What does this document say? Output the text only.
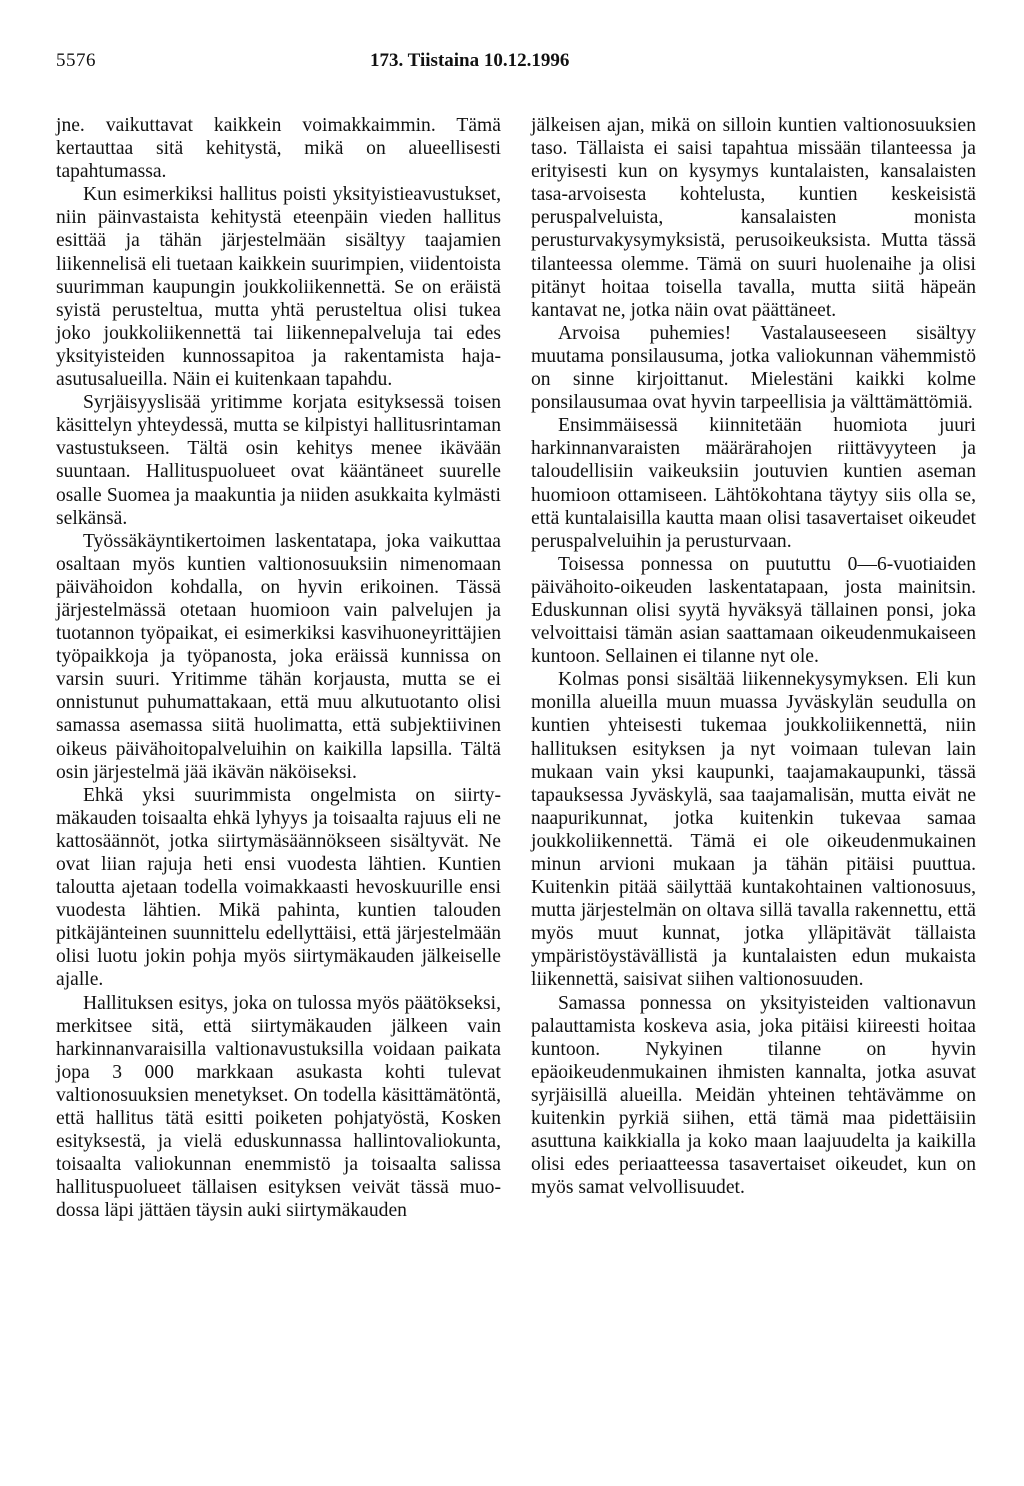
5576	173. Tiistaina 10.12.1996

jne. vaikuttavat kaikkein voimakkaimmin. Tämä kertauttaa sitä kehitystä, mikä on alueellisesti tapahtumassa.

Kun esimerkiksi hallitus poisti yksityistieavustukset, niin päinvastaista kehitystä eteenpäin vieden hallitus esittää ja tähän järjestelmään sisältyy taajamien liikennelisä eli tuetaan kaikkein suurimpien, viidentoista suurimman kaupungin joukkoliikennettä. Se on eräistä syistä perusteltua, mutta yhtä perusteltua olisi tukea joko joukkoliikennettä tai liikennepalveluja tai edes yksityisteiden kunnossapitoa ja rakentamista haja-asutusalueilla. Näin ei kuitenkaan tapahdu.

Syrjäisyyslisää yritimme korjata esityksessä toisen käsittelyn yhteydessä, mutta se kilpistyi hallitusrintaman vastustukseen. Tältä osin kehitys menee ikävään suuntaan. Hallituspuolueet ovat kääntäneet suurelle osalle Suomea ja maakuntia ja niiden asukkaita kylmästi selkänsä.

Työssäkäyntikertoimen laskentatapa, joka vaikuttaa osaltaan myös kuntien valtionosuuksiin nimenomaan päivähoidon kohdalla, on hyvin erikoinen. Tässä järjestelmässä otetaan huomioon vain palvelujen ja tuotannon työpaikat, ei esimerkiksi kasvihuoneyrittäjien työpaikkoja ja työpanosta, joka eräissä kunnissa on varsin suuri. Yritimme tähän korjausta, mutta se ei onnistunut puhumattakaan, että muu alkutuotanto olisi samassa asemassa siitä huolimatta, että subjektiivinen oikeus päivähoitopalveluihin on kaikilla lapsilla. Tältä osin järjestelmä jää ikävän näköiseksi.

Ehkä yksi suurimmista ongelmista on siirtymäkauden toisaalta ehkä lyhyys ja toisaalta rajuus eli ne kattosäännöt, jotka siirtymäsäännökseen sisältyvät. Ne ovat liian rajuja heti ensi vuodesta lähtien. Kuntien taloutta ajetaan todella voimakkaasti hevoskuurille ensi vuodesta lähtien. Mikä pahinta, kuntien talouden pitkäjänteinen suunnittelu edellyttäisi, että järjestelmään olisi luotu jokin pohja myös siirtymäkauden jälkeiselle ajalle.

Hallituksen esitys, joka on tulossa myös päätökseksi, merkitsee sitä, että siirtymäkauden jälkeen vain harkinnanvaraisilla valtionavustuksilla voidaan paikata jopa 3 000 markkaan asukasta kohti tulevat valtionosuuksien menetykset. On todella käsittämätöntä, että hallitus tätä esitti poiketen pohjatyöstä, Kosken esityksestä, ja vielä eduskunnassa hallintovaliokunta, toisaalta valiokunnan enemmistö ja toisaalta salissa hallituspuolueet tällaisen esityksen veivät tässä muodossa läpi jättäen täysin auki siirtymäkauden

jälkeisen ajan, mikä on silloin kuntien valtionosuuksien taso. Tällaista ei saisi tapahtua missään tilanteessa ja erityisesti kun on kysymys kuntalaisten, kansalaisten tasa-arvoisesta kohtelusta, kuntien keskeisistä peruspalveluista, kansalaisten monista perusturvakysymyksistä, perusoikeuksista. Mutta tässä tilanteessa olemme. Tämä on suuri huolenaihe ja olisi pitänyt hoitaa toisella tavalla, mutta siitä häpeän kantavat ne, jotka näin ovat päättäneet.

Arvoisa puhemies! Vastalauseeseen sisältyy muutama ponsilausuma, jotka valiokunnan vähemmistö on sinne kirjoittanut. Mielestäni kaikki kolme ponsilausumaa ovat hyvin tarpeellisia ja välttämättömiä.

Ensimmäisessä kiinnitetään huomiota juuri harkinnanvaraisten määrärahojen riittävyyteen ja taloudellisiin vaikeuksiin joutuvien kuntien aseman huomioon ottamiseen. Lähtökohtana täytyy siis olla se, että kuntalaisilla kautta maan olisi tasavertaiset oikeudet peruspalveluihin ja perusturvaan.

Toisessa ponnessa on puututtu 0—6-vuotiaiden päivähoito-oikeuden laskentatapaan, josta mainitsin. Eduskunnan olisi syytä hyväksyä tällainen ponsi, joka velvoittaisi tämän asian saattamaan oikeudenmukaiseen kuntoon. Sellainen ei tilanne nyt ole.

Kolmas ponsi sisältää liikennekysymyksen. Eli kun monilla alueilla muun muassa Jyväskylän seudulla on kuntien yhteisesti tukemaa joukkoliikennettä, niin hallituksen esityksen ja nyt voimaan tulevan lain mukaan vain yksi kaupunki, taajamakaupunki, tässä tapauksessa Jyväskylä, saa taajamalisän, mutta eivät ne naapurikunnat, jotka kuitenkin tukevaa samaa joukkoliikennettä. Tämä ei ole oikeudenmukainen minun arvioni mukaan ja tähän pitäisi puuttua. Kuitenkin pitää säilyttää kuntakohtainen valtionosuus, mutta järjestelmän on oltava sillä tavalla rakennettu, että myös muut kunnat, jotka ylläpitävät tällaista ympäristöystävällistä ja kuntalaisten edun mukaista liikennettä, saisivat siihen valtionosuuden.

Samassa ponnessa on yksityisteiden valtionavun palauttamista koskeva asia, joka pitäisi kiireesti hoitaa kuntoon. Nykyinen tilanne on hyvin epäoikeudenmukainen ihmisten kannalta, jotka asuvat syrjäisillä alueilla. Meidän yhteinen tehtävämme on kuitenkin pyrkiä siihen, että tämä maa pidettäisiin asuttuna kaikkialla ja koko maan laajuudelta ja kaikilla olisi edes periaatteessa tasavertaiset oikeudet, kun on myös samat velvollisuudet.
